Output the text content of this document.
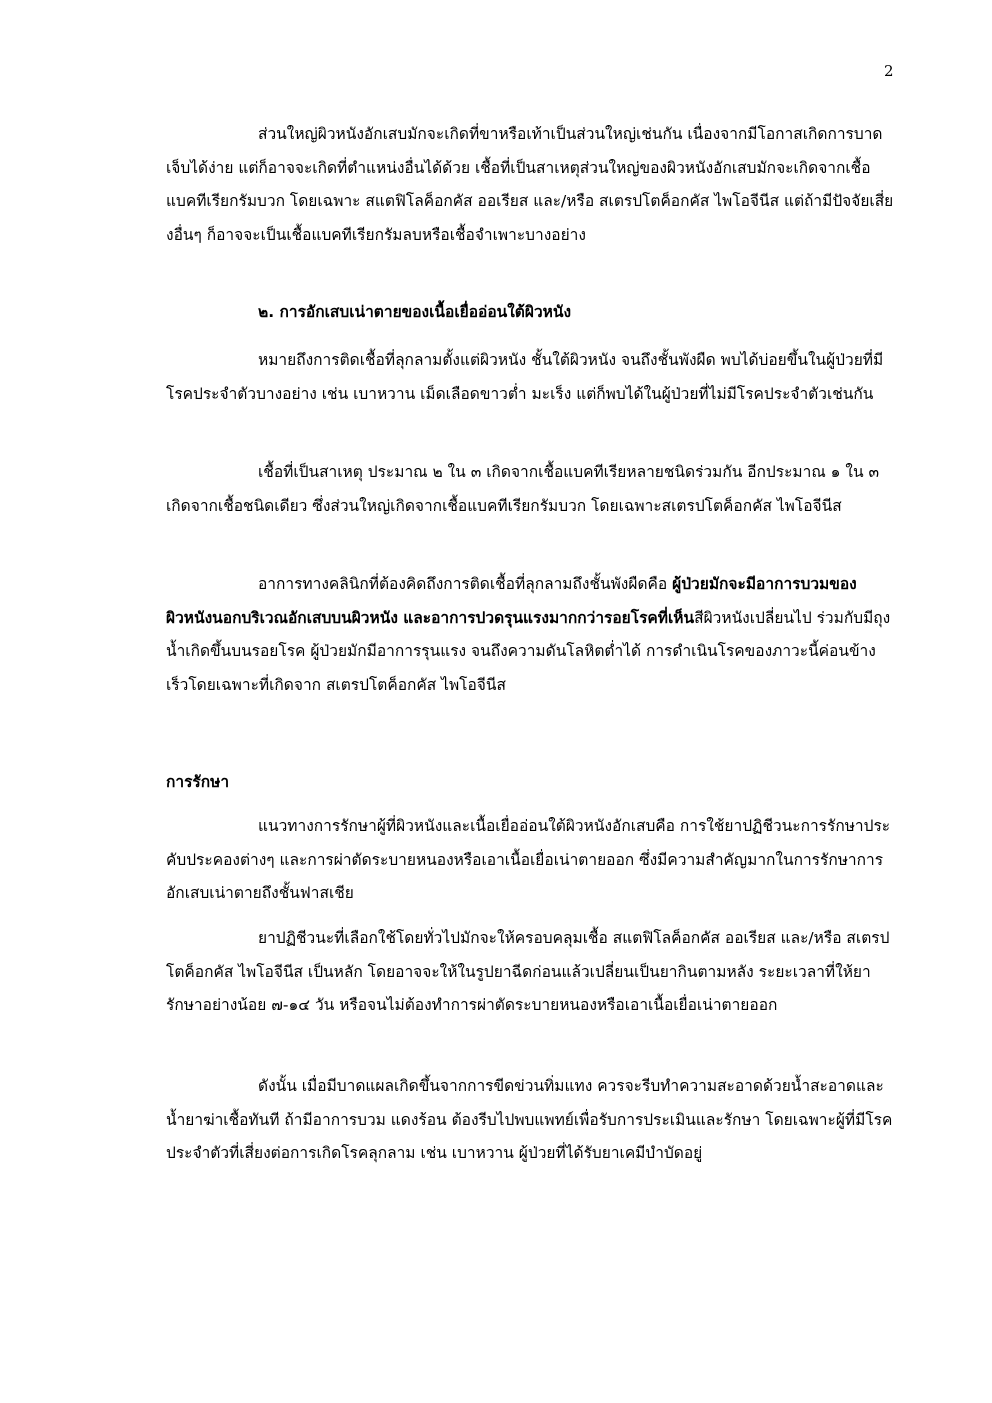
2
ส่วนใหญ่ผิวหนังอักเสบมักจะเกิดที่ขาหรือเท้าเป็นส่วนใหญ่เช่นกัน เนื่องจากมีโอกาสเกิดการบาดเจ็บได้ง่าย แต่ก็อาจจะเกิดที่ตำแหน่งอื่นได้ด้วย เชื้อที่เป็นสาเหตุส่วนใหญ่ของผิวหนังอักเสบมักจะเกิดจากเชื้อแบคทีเรียกรัมบวก โดยเฉพาะ สแตฟิโลค็อกคัส ออเรียส และ/หรือ สเตรปโตค็อกคัส ไพโอจีนีส แต่ถ้ามีปัจจัยเสี่ยงอื่นๆ ก็อาจจะเป็นเชื้อแบคทีเรียกรัมลบหรือเชื้อจำเพาะบางอย่าง
๒. การอักเสบเน่าตายของเนื้อเยื่ออ่อนใต้ผิวหนัง
หมายถึงการติดเชื้อที่ลุกลามตั้งแต่ผิวหนัง ชั้นใต้ผิวหนัง จนถึงชั้นพังผืด พบได้บ่อยขึ้นในผู้ป่วยที่มีโรคประจำตัวบางอย่าง เช่น เบาหวาน เม็ดเลือดขาวต่ำ มะเร็ง แต่ก็พบได้ในผู้ป่วยที่ไม่มีโรคประจำตัวเช่นกัน
เชื้อที่เป็นสาเหตุ ประมาณ ๒ ใน ๓ เกิดจากเชื้อแบคทีเรียหลายชนิดร่วมกัน อีกประมาณ ๑ ใน ๓ เกิดจากเชื้อชนิดเดียว ซึ่งส่วนใหญ่เกิดจากเชื้อแบคทีเรียกรัมบวก โดยเฉพาะสเตรปโตค็อกคัส ไพโอจีนีส
อาการทางคลินิกที่ต้องคิดถึงการติดเชื้อที่ลุกลามถึงชั้นพังผืดคือ ผู้ป่วยมักจะมีอาการบวมของผิวหนังนอกบริเวณอักเสบบนผิวหนัง และอาการปวดรุนแรงมากกว่ารอยโรคที่เห็นสีผิวหนังเปลี่ยนไป ร่วมกับมีถุงน้ำเกิดขึ้นบนรอยโรค ผู้ป่วยมักมีอาการรุนแรง จนถึงความดันโลหิตต่ำได้ การดำเนินโรคของภาวะนี้ค่อนข้างเร็วโดยเฉพาะที่เกิดจาก สเตรปโตค็อกคัส ไพโอจีนีส
การรักษา
แนวทางการรักษาผู้ที่ผิวหนังและเนื้อเยื่ออ่อนใต้ผิวหนังอักเสบคือ การใช้ยาปฏิชีวนะการรักษาประคับประคองต่างๆ และการผ่าตัดระบายหนองหรือเอาเนื้อเยื่อเน่าตายออก ซึ่งมีความสำคัญมากในการรักษาการอักเสบเน่าตายถึงชั้นฟาสเชีย
ยาปฏิชีวนะที่เลือกใช้โดยทั่วไปมักจะให้ครอบคลุมเชื้อ สแตฟิโลค็อกคัส ออเรียส และ/หรือ สเตรปโตค็อกคัส ไพโอจีนีส เป็นหลัก โดยอาจจะให้ในรูปยาฉีดก่อนแล้วเปลี่ยนเป็นยากินตามหลัง ระยะเวลาที่ให้ยารักษาอย่างน้อย ๗-๑๔ วัน หรือจนไม่ต้องทำการผ่าตัดระบายหนองหรือเอาเนื้อเยื่อเน่าตายออก
ดังนั้น เมื่อมีบาดแผลเกิดขึ้นจากการขีดข่วนทิ่มแทง ควรจะรีบทำความสะอาดด้วยน้ำสะอาดและน้ำยาฆ่าเชื้อทันที ถ้ามีอาการบวม แดงร้อน ต้องรีบไปพบแพทย์เพื่อรับการประเมินและรักษา โดยเฉพาะผู้ที่มีโรคประจำตัวที่เสี่ยงต่อการเกิดโรคลุกลาม เช่น เบาหวาน ผู้ป่วยที่ได้รับยาเคมีบำบัดอยู่
